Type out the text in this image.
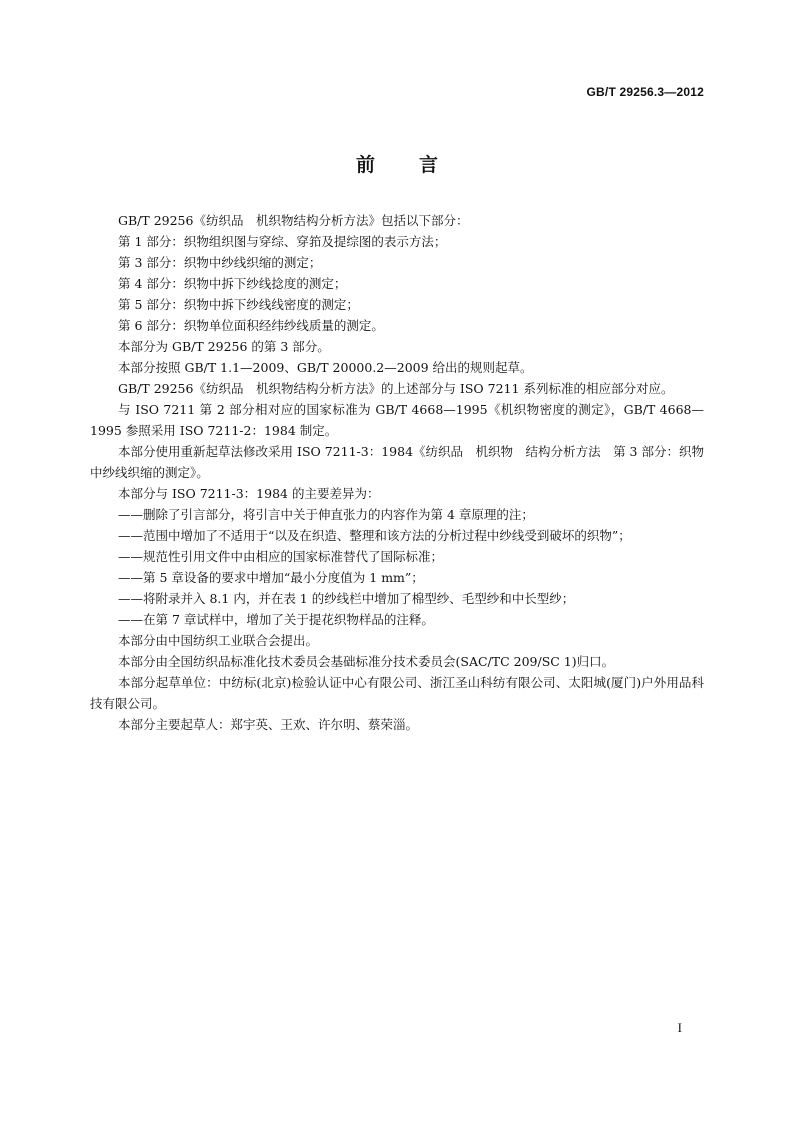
GB/T 29256.3—2012
前 言

GB/T 29256《纺织品　机织物结构分析方法》包括以下部分：

第 1 部分：织物组织图与穿综、穿筘及提综图的表示方法；

第 3 部分：织物中纱线织缩的测定；

第 4 部分：织物中拆下纱线捻度的测定；

第 5 部分：织物中拆下纱线线密度的测定；

第 6 部分：织物单位面积经纬纱线质量的测定。

本部分为 GB/T 29256 的第 3 部分。

本部分按照 GB/T 1.1—2009、GB/T 20000.2—2009 给出的规则起草。

GB/T 29256《纺织品　机织物结构分析方法》的上述部分与 ISO 7211 系列标准的相应部分对应。

与 ISO 7211 第 2 部分相对应的国家标准为 GB/T 4668—1995《机织物密度的测定》，GB/T 4668—1995 参照采用 ISO 7211-2：1984 制定。

本部分使用重新起草法修改采用 ISO 7211-3：1984《纺织品　机织物　结构分析方法　第 3 部分：织物中纱线织缩的测定》。

本部分与 ISO 7211-3：1984 的主要差异为：

——删除了引言部分，将引言中关于伸直张力的内容作为第 4 章原理的注；

——范围中增加了不适用于“以及在织造、整理和该方法的分析过程中纱线受到破坏的织物”；

——规范性引用文件中由相应的国家标准替代了国际标准；

——第 5 章设备的要求中增加“最小分度值为 1 mm”；

——将附录并入 8.1 内，并在表 1 的纱线栏中增加了棉型纱、毛型纱和中长型纱；

——在第 7 章试样中，增加了关于提花织物样品的注释。

本部分由中国纺织工业联合会提出。

本部分由全国纺织品标准化技术委员会基础标准分技术委员会(SAC/TC 209/SC 1)归口。

本部分起草单位：中纺标(北京)检验认证中心有限公司、浙江圣山科纺有限公司、太阳城(厦门)户外用品科技有限公司。

本部分主要起草人：郑宇英、王欢、许尔明、蔡荣淄。

I
